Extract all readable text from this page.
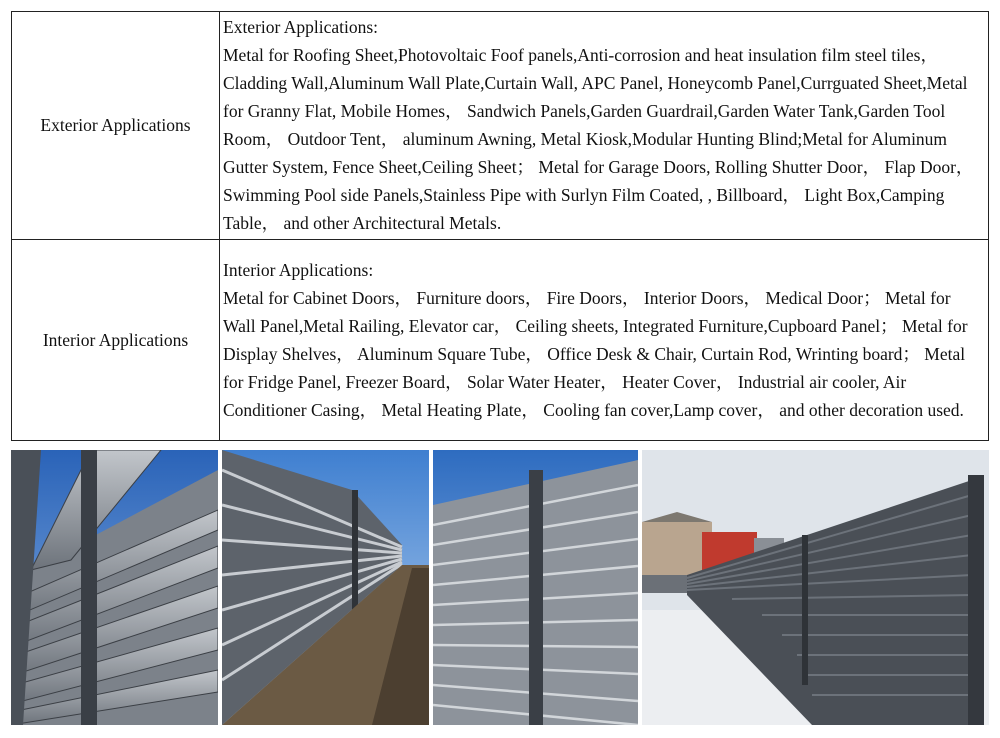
Exterior Applications	Exterior Applications:
Metal for Roofing Sheet,Photovoltaic Foof panels,Anti-corrosion and heat insulation film steel tiles， Cladding Wall,Aluminum Wall Plate,Curtain Wall, APC Panel, Honeycomb Panel,Currguated Sheet,Metal for Granny Flat, Mobile Homes， Sandwich Panels,Garden Guardrail,Garden Water Tank,Garden Tool Room， Outdoor Tent， aluminum Awning, Metal Kiosk,Modular Hunting Blind;Metal for Aluminum Gutter System, Fence Sheet,Ceiling Sheet； Metal for Garage Doors, Rolling Shutter Door， Flap Door， Swimming Pool side Panels,Stainless Pipe with Surlyn Film Coated, , Billboard， Light Box,Camping Table， and other Architectural Metals.

Interior Applications	Interior Applications:
Metal for Cabinet Doors， Furniture doors， Fire Doors， Interior Doors， Medical Door； Metal for Wall Panel,Metal Railing, Elevator car， Ceiling sheets, Integrated Furniture,Cupboard Panel； Metal for Display Shelves， Aluminum Square Tube， Office Desk & Chair, Curtain Rod, Wrinting board； Metal for Fridge Panel, Freezer Board， Solar Water Heater， Heater Cover， Industrial air cooler, Air Conditioner Casing， Metal Heating Plate， Cooling fan cover,Lamp cover， and other decoration used.
